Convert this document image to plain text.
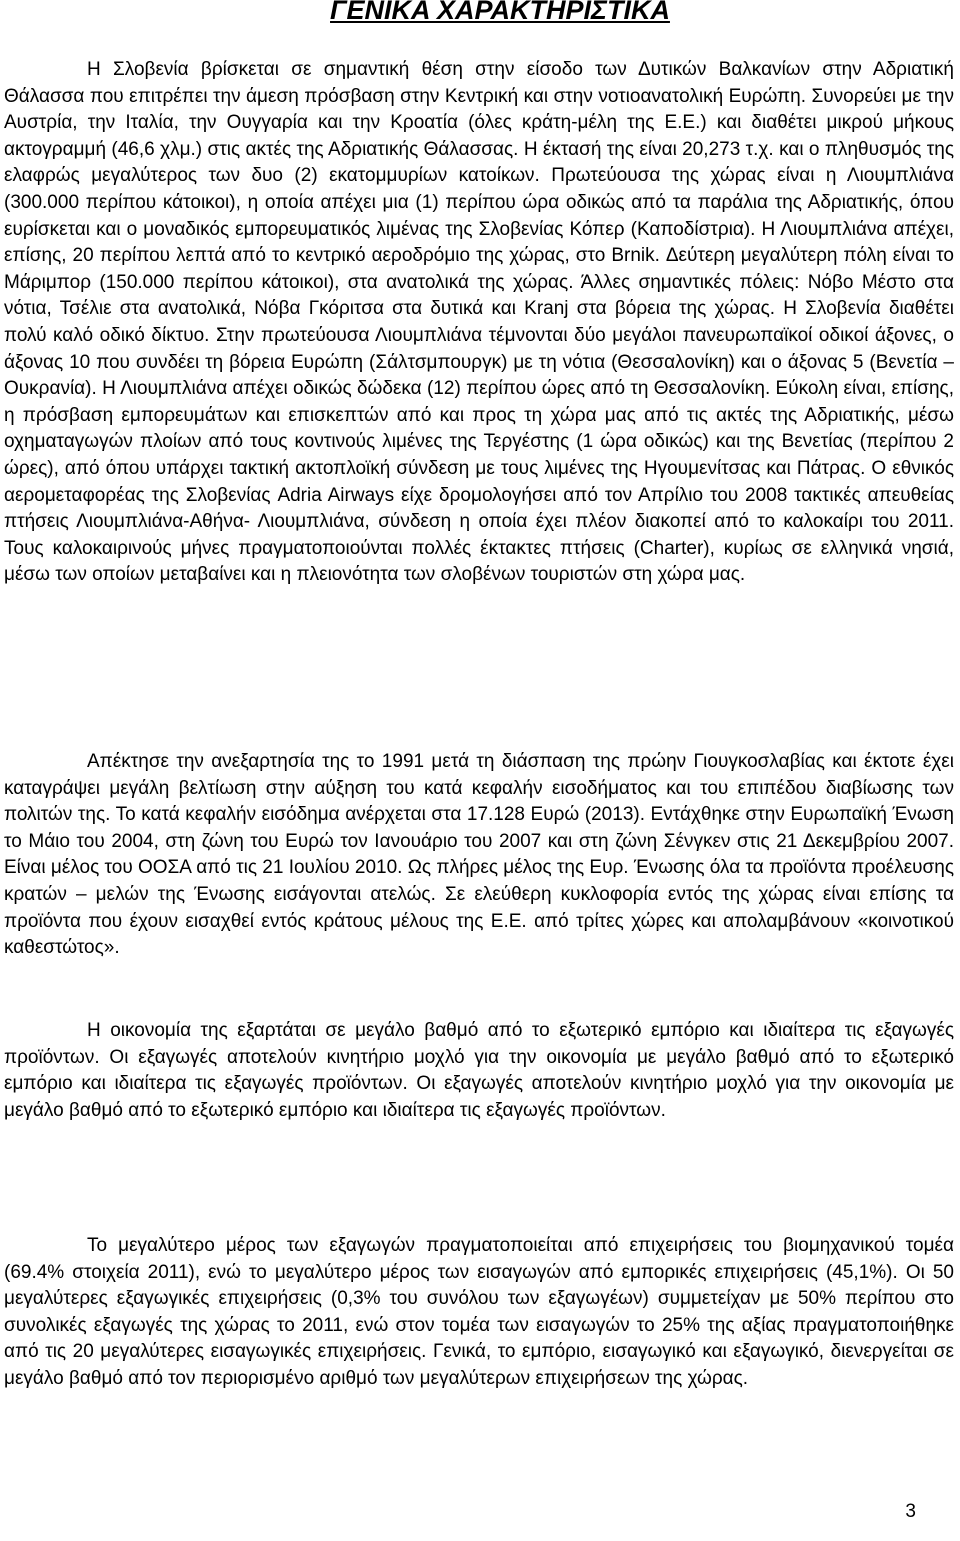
ΓΕΝΙΚΑ ΧΑΡΑΚΤΗΡΙΣΤΙΚΑ

Η Σλοβενία βρίσκεται σε σημαντική θέση στην είσοδο των Δυτικών Βαλκανίων στην Αδριατική Θάλασσα που επιτρέπει την άμεση πρόσβαση στην Κεντρική και στην νοτιοανατολική Ευρώπη. Συνορεύει με την Αυστρία, την Ιταλία, την Ουγγαρία και την Κροατία (όλες κράτη-μέλη της Ε.Ε.) και διαθέτει μικρού μήκους ακτογραμμή (46,6 χλμ.) στις ακτές της Αδριατικής Θάλασσας. Η έκτασή της είναι 20,273 τ.χ. και ο πληθυσμός της ελαφρώς μεγαλύτερος των δυο (2) εκατομμυρίων κατοίκων. Πρωτεύουσα της χώρας είναι η Λιουμπλιάνα (300.000 περίπου κάτοικοι), η οποία απέχει μια (1) περίπου ώρα οδικώς από τα παράλια της Αδριατικής, όπου ευρίσκεται και ο μοναδικός εμπορευματικός λιμένας της Σλοβενίας Κόπερ (Καποδίστρια). Η Λιουμπλιάνα απέχει, επίσης, 20 περίπου λεπτά από το κεντρικό αεροδρόμιο της χώρας, στο Brnik. Δεύτερη μεγαλύτερη πόλη είναι το Μάριμπορ (150.000 περίπου κάτοικοι), στα ανατολικά της χώρας. Άλλες σημαντικές πόλεις: Νόβο Μέστο στα νότια, Τσέλιε στα ανατολικά, Νόβα Γκόριτσα στα δυτικά και Kranj στα βόρεια της χώρας. Η Σλοβενία διαθέτει πολύ καλό οδικό δίκτυο. Στην πρωτεύουσα Λιουμπλιάνα τέμνονται δύο μεγάλοι πανευρωπαϊκοί οδικοί άξονες, ο άξονας 10 που συνδέει τη βόρεια Ευρώπη (Σάλτσμπουργκ) με τη νότια (Θεσσαλονίκη) και ο άξονας 5 (Βενετία – Ουκρανία). Η Λιουμπλιάνα απέχει οδικώς δώδεκα (12) περίπου ώρες από τη Θεσσαλονίκη. Εύκολη είναι, επίσης, η πρόσβαση εμπορευμάτων και επισκεπτών από και προς τη χώρα μας από τις ακτές της Αδριατικής, μέσω οχηματαγωγών πλοίων από τους κοντινούς λιμένες της Τεργέστης (1 ώρα οδικώς) και της Βενετίας (περίπου 2 ώρες), από όπου υπάρχει τακτική ακτοπλοϊκή σύνδεση με τους λιμένες της Ηγουμενίτσας και Πάτρας. Ο εθνικός αερομεταφορέας της Σλοβενίας Adria Airways είχε δρομολογήσει από τον Απρίλιο του 2008 τακτικές απευθείας πτήσεις Λιουμπλιάνα-Αθήνα- Λιουμπλιάνα, σύνδεση η οποία έχει πλέον διακοπεί από το καλοκαίρι του 2011. Τους καλοκαιρινούς μήνες πραγματοποιούνται πολλές έκτακτες πτήσεις (Charter), κυρίως σε ελληνικά νησιά, μέσω των οποίων μεταβαίνει και η πλειονότητα των σλοβένων τουριστών στη χώρα μας.

Απέκτησε την ανεξαρτησία της το 1991 μετά τη διάσπαση της πρώην Γιουγκοσλαβίας και έκτοτε έχει καταγράψει μεγάλη βελτίωση στην αύξηση του κατά κεφαλήν εισοδήματος και του επιπέδου διαβίωσης των πολιτών της. Το κατά κεφαλήν εισόδημα ανέρχεται στα 17.128 Ευρώ (2013). Εντάχθηκε στην Ευρωπαϊκή Ένωση το Μάιο του 2004, στη ζώνη του Ευρώ τον Ιανουάριο του 2007 και στη ζώνη Σένγκεν στις 21 Δεκεμβρίου 2007. Είναι μέλος του ΟΟΣΑ από τις 21 Ιουλίου 2010. Ως πλήρες μέλος της Ευρ. Ένωσης όλα τα προϊόντα προέλευσης κρατών – μελών της Ένωσης εισάγονται ατελώς. Σε ελεύθερη κυκλοφορία εντός της χώρας είναι επίσης τα προϊόντα που έχουν εισαχθεί εντός κράτους μέλους της Ε.Ε. από τρίτες χώρες και απολαμβάνουν «κοινοτικού καθεστώτος».

Η οικονομία της εξαρτάται σε μεγάλο βαθμό από το εξωτερικό εμπόριο και ιδιαίτερα τις εξαγωγές προϊόντων. Οι εξαγωγές αποτελούν κινητήριο μοχλό για την οικονομία με μεγάλο βαθμό από το εξωτερικό εμπόριο και ιδιαίτερα τις εξαγωγές προϊόντων. Οι εξαγωγές αποτελούν κινητήριο μοχλό για την οικονομία με μεγάλο βαθμό από το εξωτερικό εμπόριο και ιδιαίτερα τις εξαγωγές προϊόντων.

Το μεγαλύτερο μέρος των εξαγωγών πραγματοποιείται από επιχειρήσεις του βιομηχανικού τομέα (69.4% στοιχεία 2011), ενώ το μεγαλύτερο μέρος των εισαγωγών από εμπορικές επιχειρήσεις (45,1%). Οι 50 μεγαλύτερες εξαγωγικές επιχειρήσεις (0,3% του συνόλου των εξαγωγέων) συμμετείχαν με 50% περίπου στο συνολικές εξαγωγές της χώρας το 2011, ενώ στον τομέα των εισαγωγών το 25% της αξίας πραγματοποιήθηκε από τις 20 μεγαλύτερες εισαγωγικές επιχειρήσεις. Γενικά, το εμπόριο, εισαγωγικό και εξαγωγικό, διενεργείται σε μεγάλο βαθμό από τον περιορισμένο αριθμό των μεγαλύτερων επιχειρήσεων της χώρας.

3
